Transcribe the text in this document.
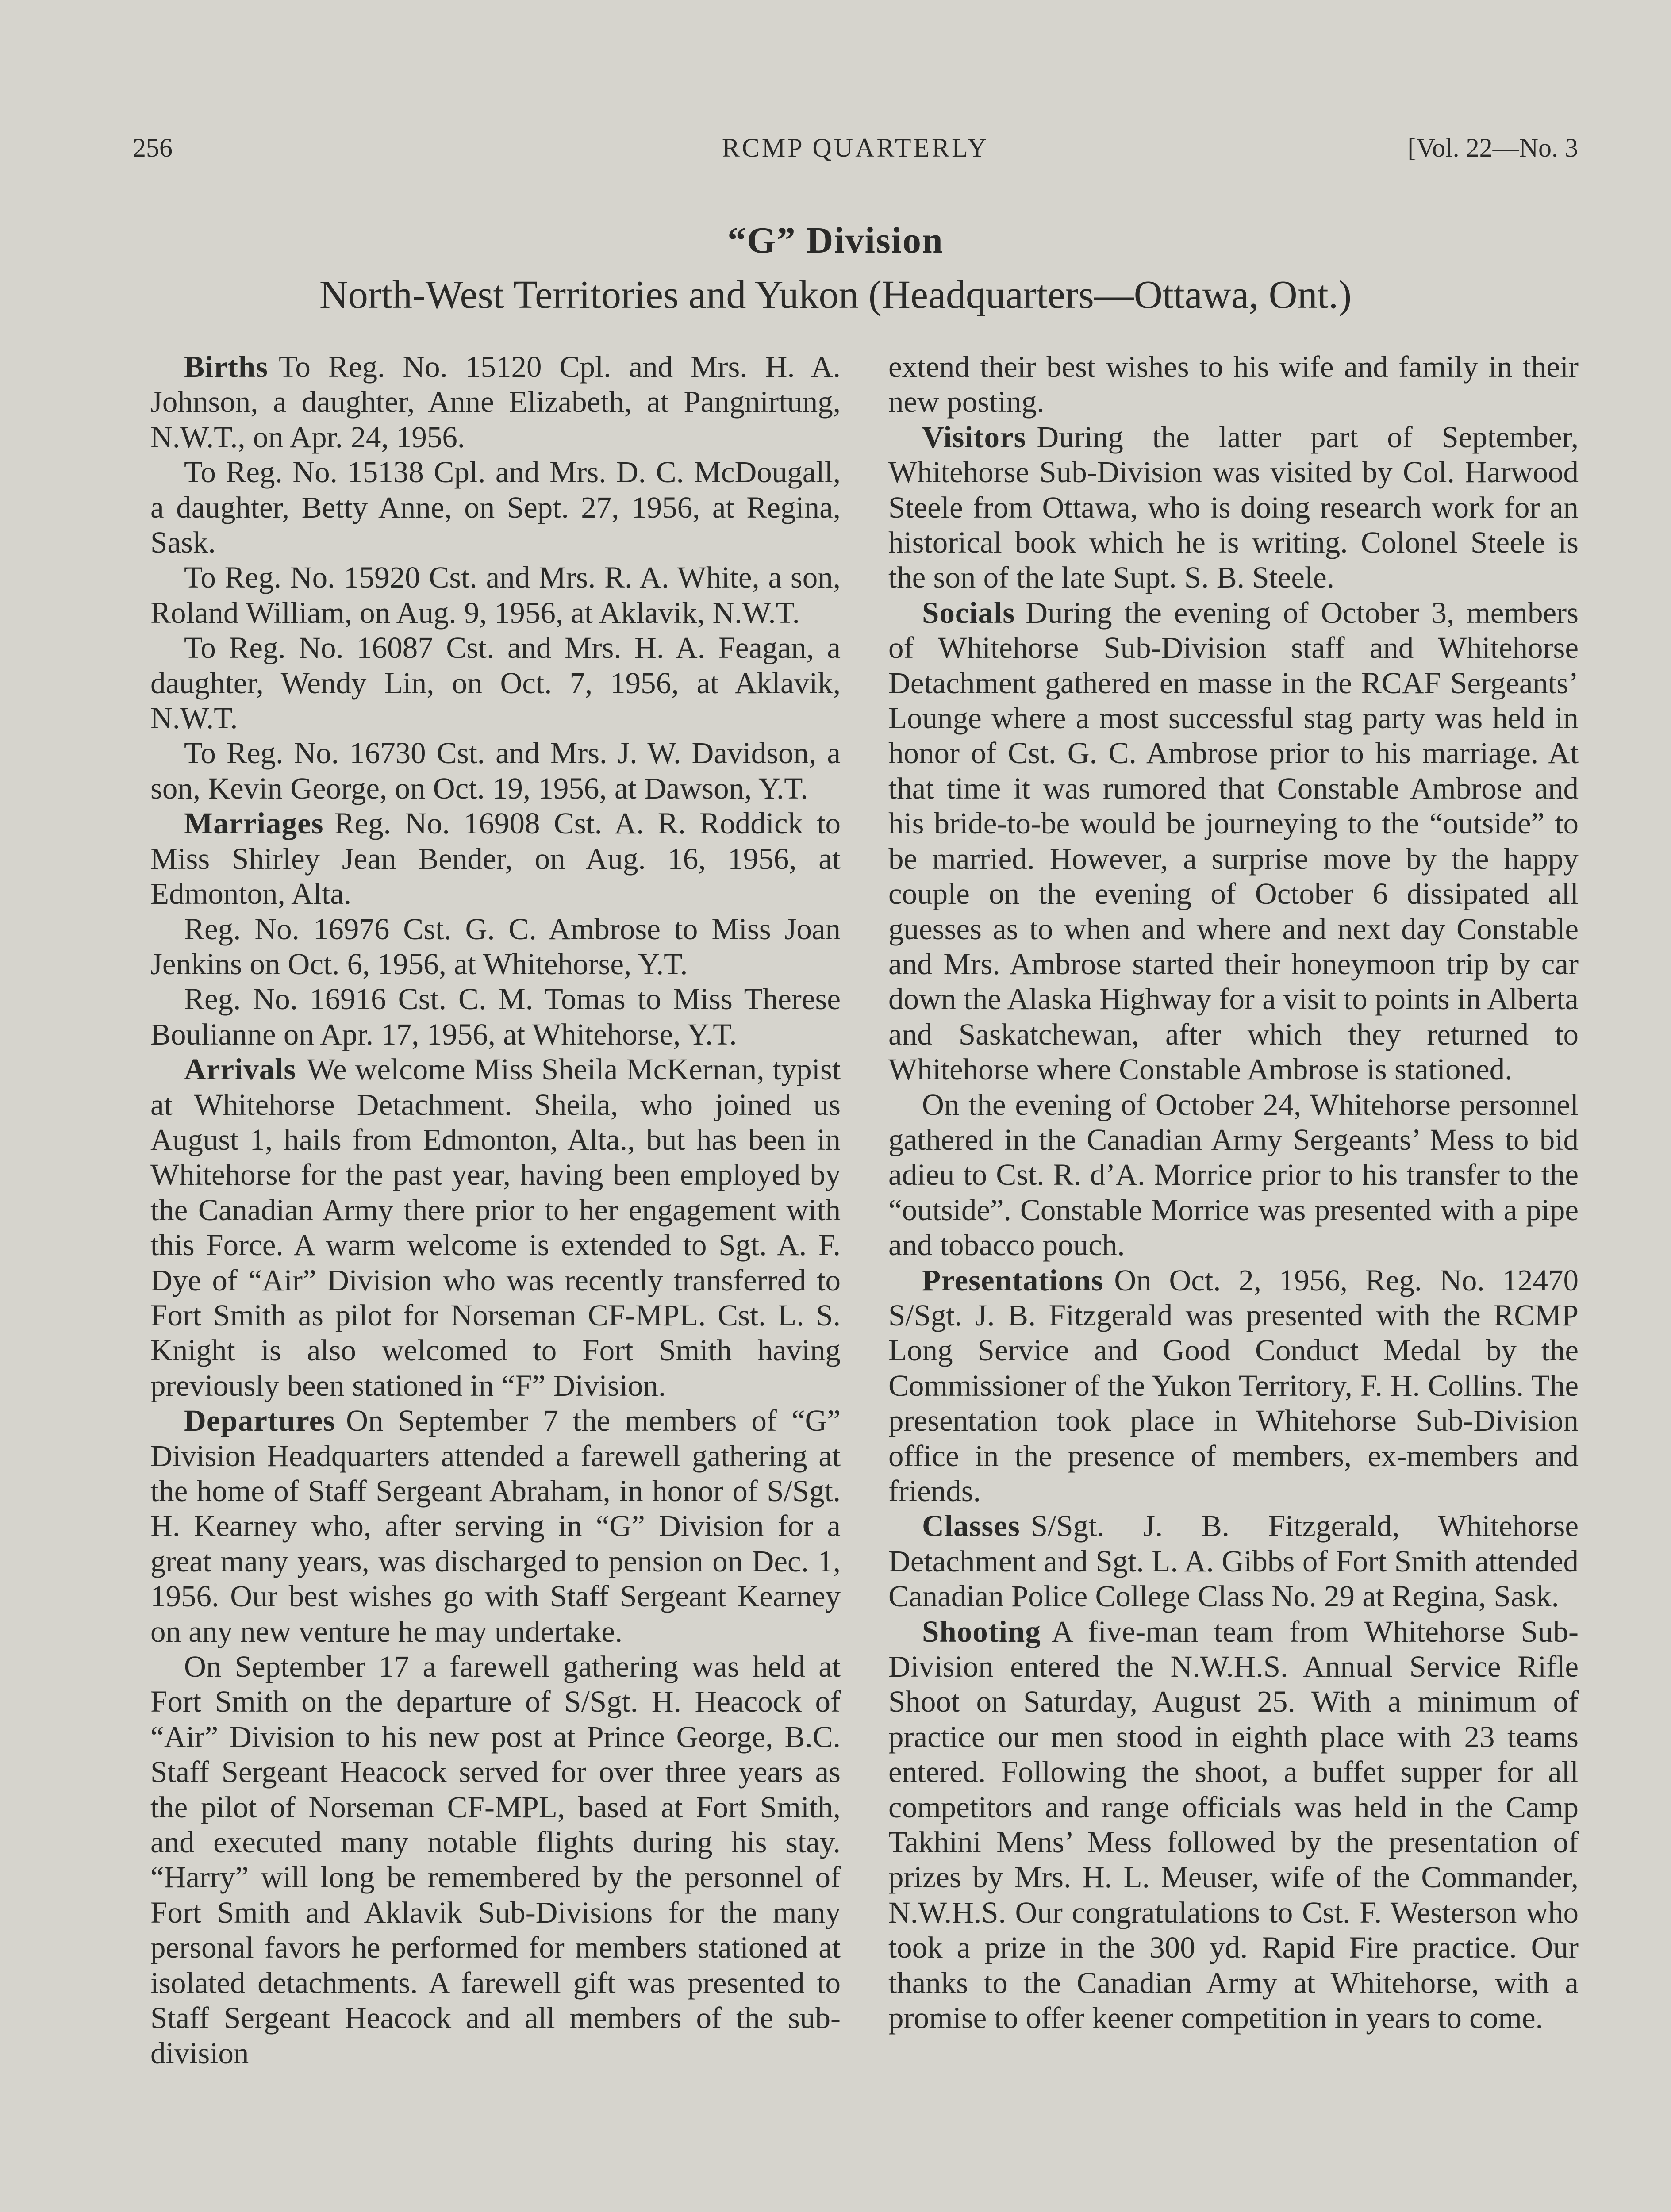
256	RCMP QUARTERLY	[Vol. 22—No. 3
“G” Division
North-West Territories and Yukon (Headquarters—Ottawa, Ont.)

Births To Reg. No. 15120 Cpl. and Mrs. H. A. Johnson, a daughter, Anne Elizabeth, at Pangnirtung, N.W.T., on Apr. 24, 1956.

To Reg. No. 15138 Cpl. and Mrs. D. C. McDougall, a daughter, Betty Anne, on Sept. 27, 1956, at Regina, Sask.

To Reg. No. 15920 Cst. and Mrs. R. A. White, a son, Roland William, on Aug. 9, 1956, at Aklavik, N.W.T.

To Reg. No. 16087 Cst. and Mrs. H. A. Feagan, a daughter, Wendy Lin, on Oct. 7, 1956, at Aklavik, N.W.T.

To Reg. No. 16730 Cst. and Mrs. J. W. Davidson, a son, Kevin George, on Oct. 19, 1956, at Dawson, Y.T.

Marriages Reg. No. 16908 Cst. A. R. Roddick to Miss Shirley Jean Bender, on Aug. 16, 1956, at Edmonton, Alta.

Reg. No. 16976 Cst. G. C. Ambrose to Miss Joan Jenkins on Oct. 6, 1956, at Whitehorse, Y.T.

Reg. No. 16916 Cst. C. M. Tomas to Miss Therese Boulianne on Apr. 17, 1956, at Whitehorse, Y.T.

Arrivals We welcome Miss Sheila McKernan, typist at Whitehorse Detachment. Sheila, who joined us August 1, hails from Edmonton, Alta., but has been in Whitehorse for the past year, having been employed by the Canadian Army there prior to her engagement with this Force. A warm welcome is extended to Sgt. A. F. Dye of “Air” Division who was recently transferred to Fort Smith as pilot for Norseman CF-MPL. Cst. L. S. Knight is also welcomed to Fort Smith having previously been stationed in “F” Division.

Departures On September 7 the members of “G” Division Headquarters attended a farewell gathering at the home of Staff Sergeant Abraham, in honor of S/Sgt. H. Kearney who, after serving in “G” Division for a great many years, was discharged to pension on Dec. 1, 1956. Our best wishes go with Staff Sergeant Kearney on any new venture he may undertake.

On September 17 a farewell gathering was held at Fort Smith on the departure of S/Sgt. H. Heacock of “Air” Division to his new post at Prince George, B.C. Staff Sergeant Heacock served for over three years as the pilot of Norseman CF-MPL, based at Fort Smith, and executed many notable flights during his stay. “Harry” will long be remembered by the personnel of Fort Smith and Aklavik Sub-Divisions for the many personal favors he performed for members stationed at isolated detachments. A farewell gift was presented to Staff Sergeant Heacock and all members of the sub-division

extend their best wishes to his wife and family in their new posting.

Visitors During the latter part of September, Whitehorse Sub-Division was visited by Col. Harwood Steele from Ottawa, who is doing research work for an historical book which he is writing. Colonel Steele is the son of the late Supt. S. B. Steele.

Socials During the evening of October 3, members of Whitehorse Sub-Division staff and Whitehorse Detachment gathered en masse in the RCAF Sergeants’ Lounge where a most successful stag party was held in honor of Cst. G. C. Ambrose prior to his marriage. At that time it was rumored that Constable Ambrose and his bride-to-be would be journeying to the “outside” to be married. However, a surprise move by the happy couple on the evening of October 6 dissipated all guesses as to when and where and next day Constable and Mrs. Ambrose started their honeymoon trip by car down the Alaska Highway for a visit to points in Alberta and Saskatchewan, after which they returned to Whitehorse where Constable Ambrose is stationed.

On the evening of October 24, Whitehorse personnel gathered in the Canadian Army Sergeants’ Mess to bid adieu to Cst. R. d’A. Morrice prior to his transfer to the “outside”. Constable Morrice was presented with a pipe and tobacco pouch.

Presentations On Oct. 2, 1956, Reg. No. 12470 S/Sgt. J. B. Fitzgerald was presented with the RCMP Long Service and Good Conduct Medal by the Commissioner of the Yukon Territory, F. H. Collins. The presentation took place in Whitehorse Sub-Division office in the presence of members, ex-members and friends.

Classes S/Sgt. J. B. Fitzgerald, Whitehorse Detachment and Sgt. L. A. Gibbs of Fort Smith attended Canadian Police College Class No. 29 at Regina, Sask.

Shooting A five-man team from Whitehorse Sub-Division entered the N.W.H.S. Annual Service Rifle Shoot on Saturday, August 25. With a minimum of practice our men stood in eighth place with 23 teams entered. Following the shoot, a buffet supper for all competitors and range officials was held in the Camp Takhini Mens’ Mess followed by the presentation of prizes by Mrs. H. L. Meuser, wife of the Commander, N.W.H.S. Our congratulations to Cst. F. Westerson who took a prize in the 300 yd. Rapid Fire practice. Our thanks to the Canadian Army at Whitehorse, with a promise to offer keener competition in years to come.
